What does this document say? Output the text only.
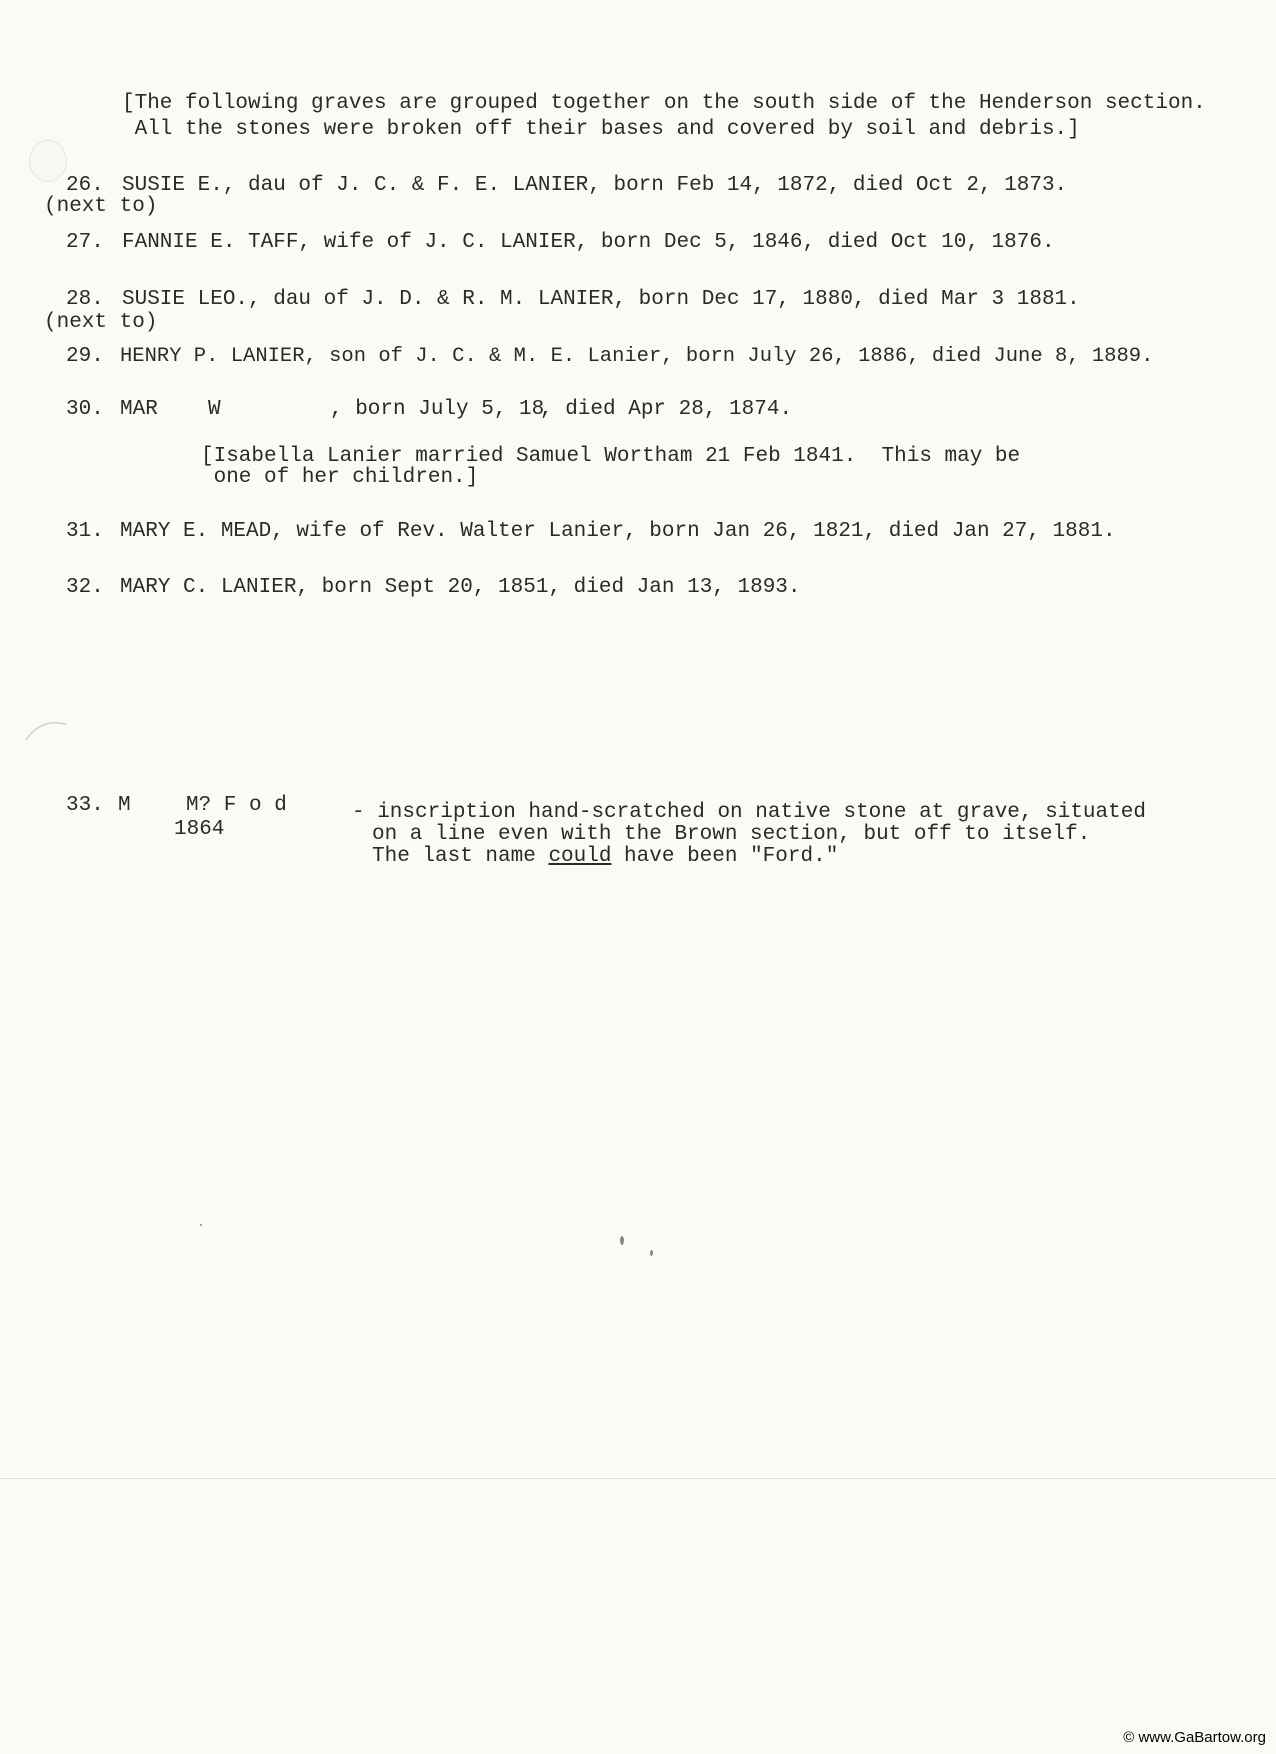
[The following graves are grouped together on the south side of the Henderson section.
All the stones were broken off their bases and covered by soil and debris.]
26. SUSIE E., dau of J. C. & F. E. LANIER, born Feb 14, 1872, died Oct 2, 1873.
(next to)
27. FANNIE E. TAFF, wife of J. C. LANIER, born Dec 5, 1846, died Oct 10, 1876.
28. SUSIE LEO., dau of J. D. & R. M. LANIER, born Dec 17, 1880, died Mar 3 1881.
(next to)
29. HENRY P. LANIER, son of J. C. & M. E. Lanier, born July 26, 1886, died June 8, 1889.
30. MAR W	, born July 5, 18
, died Apr 28, 1874.
[Isabella Lanier married Samuel Wortham 21 Feb 1841.  This may be
one of her children.]
31. MARY E. MEAD, wife of Rev. Walter Lanier, born Jan 26, 1821, died Jan 27, 1881.
32. MARY C. LANIER, born Sept 20, 1851, died Jan 13, 1893.
33. M	M? F o d
1864
- inscription hand-scratched on native stone at grave, situated
on a line even with the Brown section, but off to itself.
The last name could have been "Ford."
© www.GaBartow.org
